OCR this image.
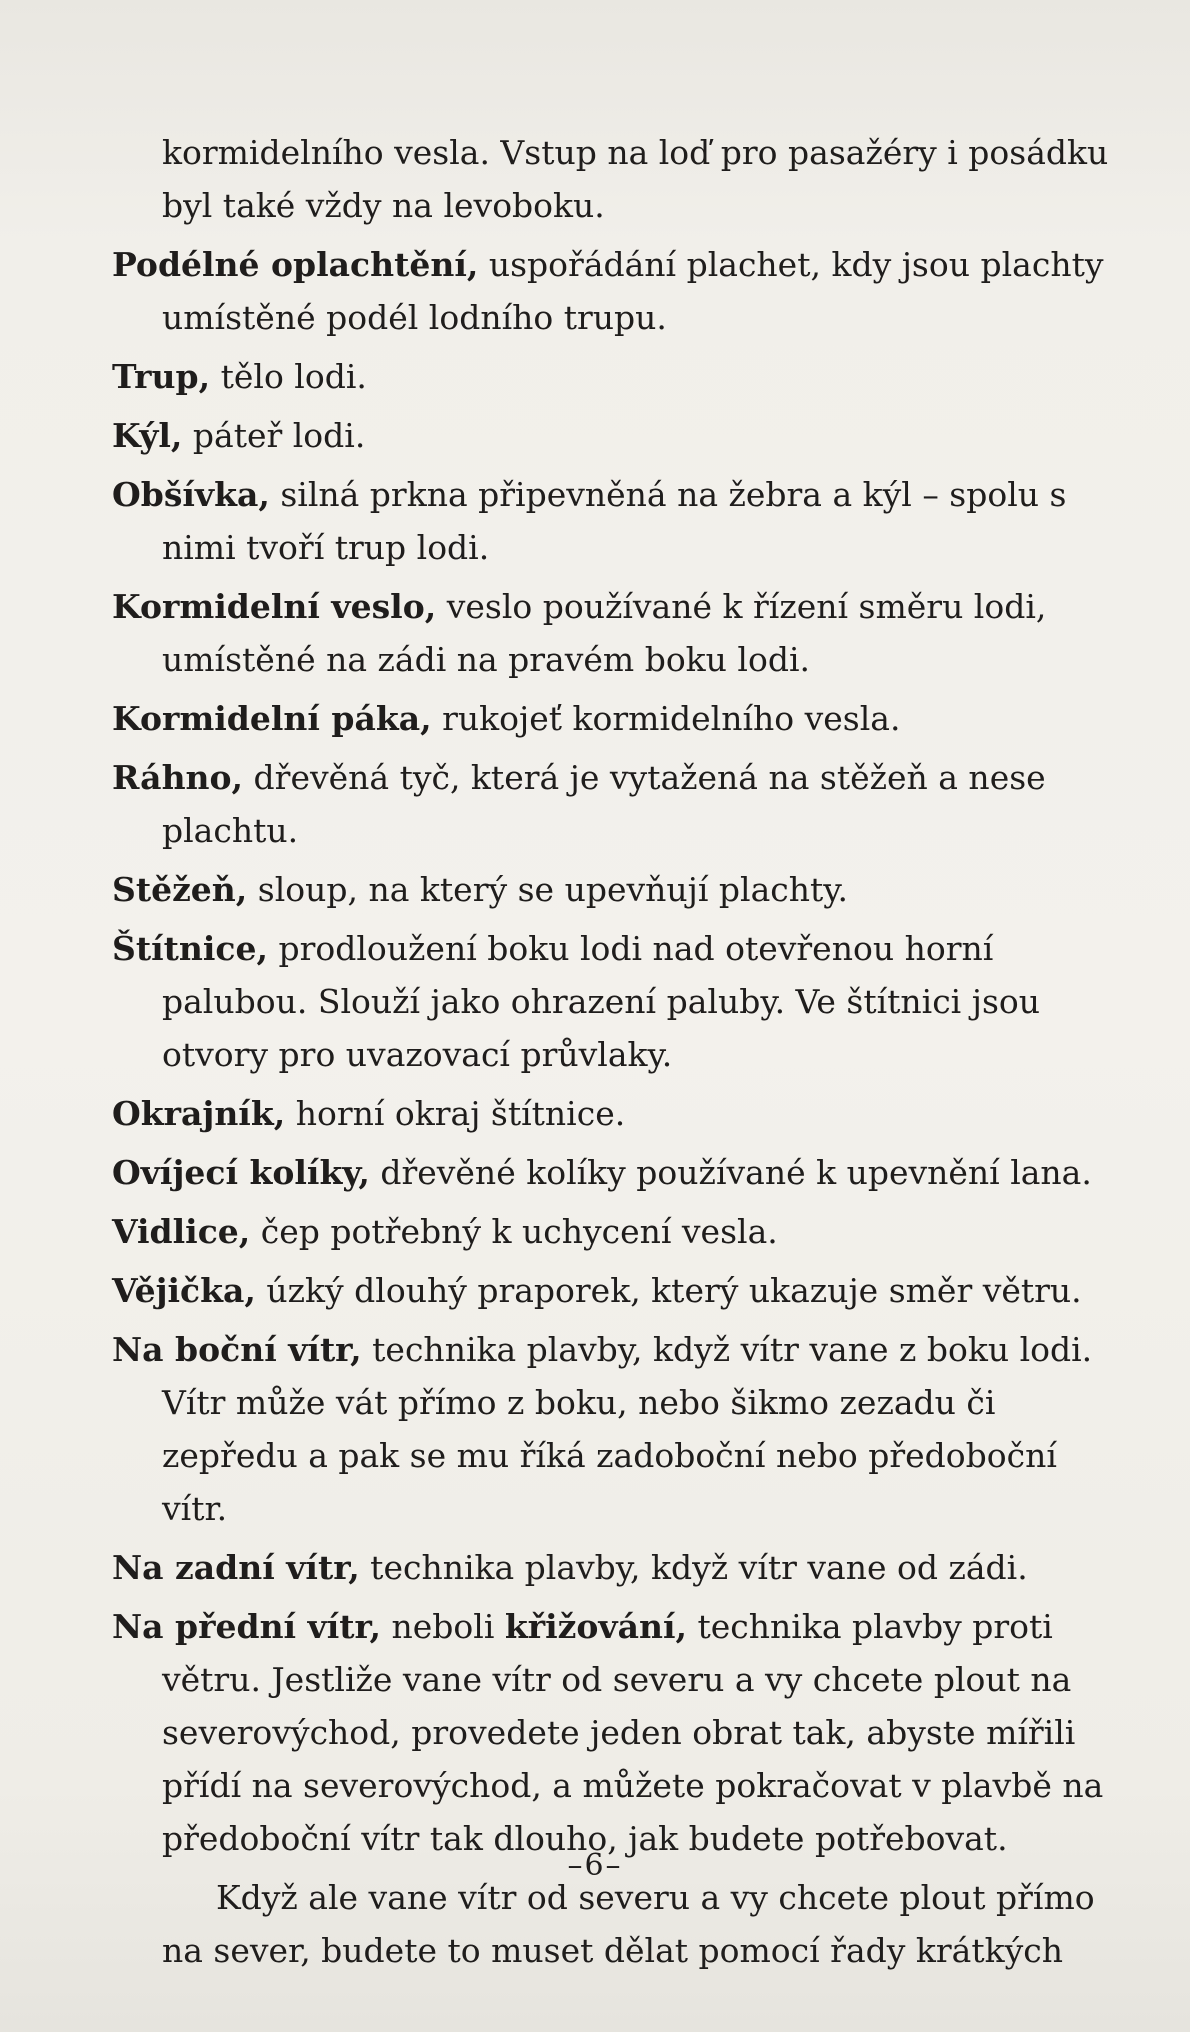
kormidelního vesla. Vstup na loď pro pasažéry i posádku byl také vždy na levoboku.

Podélné oplachtění, uspořádání plachet, kdy jsou plachty umístěné podél lodního trupu.

Trup, tělo lodi.

Kýl, páteř lodi.

Obšívka, silná prkna připevněná na žebra a kýl – spolu s nimi tvoří trup lodi.

Kormidelní veslo, veslo používané k řízení směru lodi, umístěné na zádi na pravém boku lodi.

Kormidelní páka, rukojeť kormidelního vesla.

Ráhno, dřevěná tyč, která je vytažená na stěžeň a nese plachtu.

Stěžeň, sloup, na který se upevňují plachty.

Štítnice, prodloužení boku lodi nad otevřenou horní palubou. Slouží jako ohrazení paluby. Ve štítnici jsou otvory pro uvazovací průvlaky.

Okrajník, horní okraj štítnice.

Ovíjecí kolíky, dřevěné kolíky používané k upevnění lana.

Vidlice, čep potřebný k uchycení vesla.

Vějička, úzký dlouhý praporek, který ukazuje směr větru.

Na boční vítr, technika plavby, když vítr vane z boku lodi. Vítr může vát přímo z boku, nebo šikmo zezadu či zepředu a pak se mu říká zadoboční nebo předoboční vítr.

Na zadní vítr, technika plavby, když vítr vane od zádi.

Na přední vítr, neboli křižování, technika plavby proti větru. Jestliže vane vítr od severu a vy chcete plout na severovýchod, provedete jeden obrat tak, abyste mířili přídí na severovýchod, a můžete pokračovat v plavbě na předoboční vítr tak dlouho, jak budete potřebovat.

Když ale vane vítr od severu a vy chcete plout přímo na sever, budete to muset dělat pomocí řady krátkých

–6–
